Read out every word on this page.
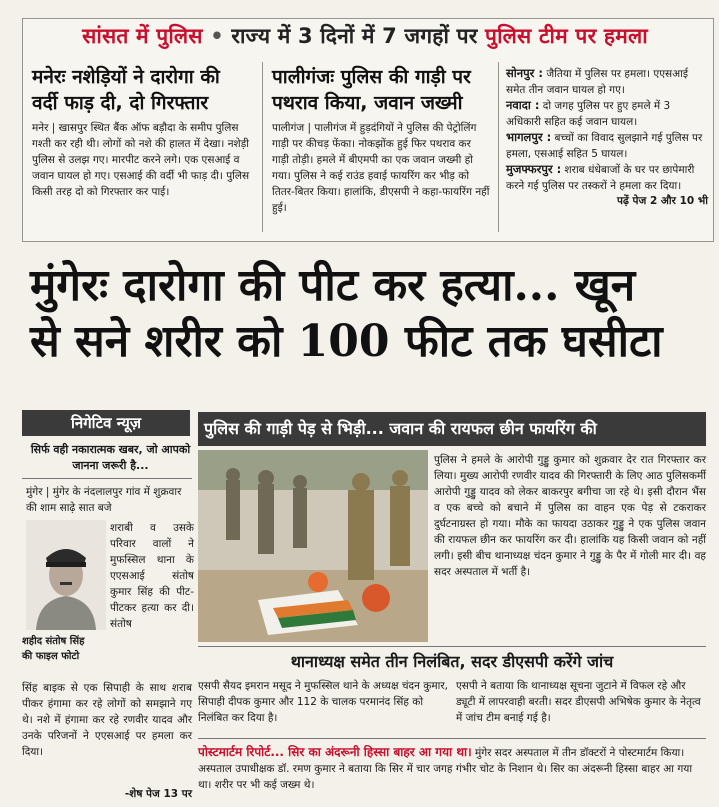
सांसत में पुलिस • राज्य में 3 दिनों में 7 जगहों पर पुलिस टीम पर हमला
मनेरः नशेड़ियों ने दारोगा की वर्दी फाड़ दी, दो गिरफ्तार
मनेर | खासपुर स्थित बैंक ऑफ बड़ौदा के समीप पुलिस गश्ती कर रही थी। लोगों को नशे की हालत में देखा। नशेड़ी पुलिस से उलझ गए। मारपीट करने लगे। एक एसआई व जवान घायल हो गए। एसआई की वर्दी भी फाड़ दी। पुलिस किसी तरह दो को गिरफ्तार कर पाई।
पालीगंजः पुलिस की गाड़ी पर पथराव किया, जवान जख्मी
पालीगंज | पालीगंज में हुड़दंगियों ने पुलिस की पेट्रोलिंग गाड़ी पर कीचड़ फेंका। नोकझोंक हुई फिर पथराव कर गाड़ी तोड़ी। हमले में बीएमपी का एक जवान जख्मी हो गया। पुलिस ने कई राउंड हवाई फायरिंग कर भीड़ को तितर-बितर किया। हालांकि, डीएसपी ने कहा-फायरिंग नहीं हुई।

सोनपुर : जैतिया में पुलिस पर हमला। एएसआई समेत तीन जवान घायल हो गए।

नवादा : दो जगह पुलिस पर हुए हमले में 3 अधिकारी सहित कई जवान घायल।

भागलपुर : बच्चों का विवाद सुलझाने गई पुलिस पर हमला, एसआई सहित 5 घायल।

मुजफ्फरपुर : शराब धंधेबाजों के घर पर छापेमारी करने गई पुलिस पर तस्करों ने हमला कर दिया।

पढ़ें पेज 2 और 10 भी

मुंगेरः दारोगा की पीट कर हत्या... खून
से सने शरीर को 100 फीट तक घसीटा
निगेटिव न्यूज़
सिर्फ वही नकारात्मक खबर, जो आपको जानना जरूरी है...
मुंगेर | मुंगेर के नंदलालपुर गांव में शुक्रवार की शाम साढ़े सात बजे
शहीद संतोष सिंह
की फाइल फोटो
शराबी व उसके परिवार वालों ने मुफस्सिल थाना के एएसआई संतोष कुमार सिंह की पीट-पीटकर हत्या कर दी। संतोष
सिंह बाइक से एक सिपाही के साथ शराब पीकर हंगामा कर रहे लोगों को समझाने गए थे। नशे में हंगामा कर रहे रणवीर यादव और उनके परिजनों ने एएसआई पर हमला कर दिया।
-शेष पेज 13 पर
पुलिस की गाड़ी पेड़ से भिड़ी... जवान की रायफल छीन फायरिंग की
पुलिस ने हमले के आरोपी गुड्डु कुमार को शुक्रवार देर रात गिरफ्तार कर लिया। मुख्य आरोपी रणवीर यादव की गिरफ्तारी के लिए आठ पुलिसकर्मी आरोपी गुड्डु यादव को लेकर बाकरपुर बगीचा जा रहे थे। इसी दौरान भैंस व एक बच्चे को बचाने में पुलिस का वाहन एक पेड़ से टकराकर दुर्घटनाग्रस्त हो गया। मौके का फायदा उठाकर गुड्डु ने एक पुलिस जवान की रायफल छीन कर फायरिंग कर दी। हालांकि यह किसी जवान को नहीं लगी। इसी बीच थानाध्यक्ष चंदन कुमार ने गुड्डु के पैर में गोली मार दी। वह सदर अस्पताल में भर्ती है।
थानाध्यक्ष समेत तीन निलंबित, सदर डीएसपी करेंगे जांच
एसपी सैयद इमरान मसूद ने मुफस्सिल थाने के अध्यक्ष चंदन कुमार, सिपाही दीपक कुमार और 112 के चालक परमानंद सिंह को निलंबित कर दिया है।
एसपी ने बताया कि थानाध्यक्ष सूचना जुटाने में विफल रहे और ड्यूटी में लापरवाही बरती। सदर डीएसपी अभिषेक कुमार के नेतृत्व में जांच टीम बनाई गई है।
पोस्टमार्टम रिपोर्ट... सिर का अंदरूनी हिस्सा बाहर आ गया था। मुंगेर सदर अस्पताल में तीन डॉक्टरों ने पोस्टमार्टम किया। अस्पताल उपाधीक्षक डॉ. रमण कुमार ने बताया कि सिर में चार जगह गंभीर चोट के निशान थे। सिर का अंदरूनी हिस्सा बाहर आ गया था। शरीर पर भी कई जख्म थे।
